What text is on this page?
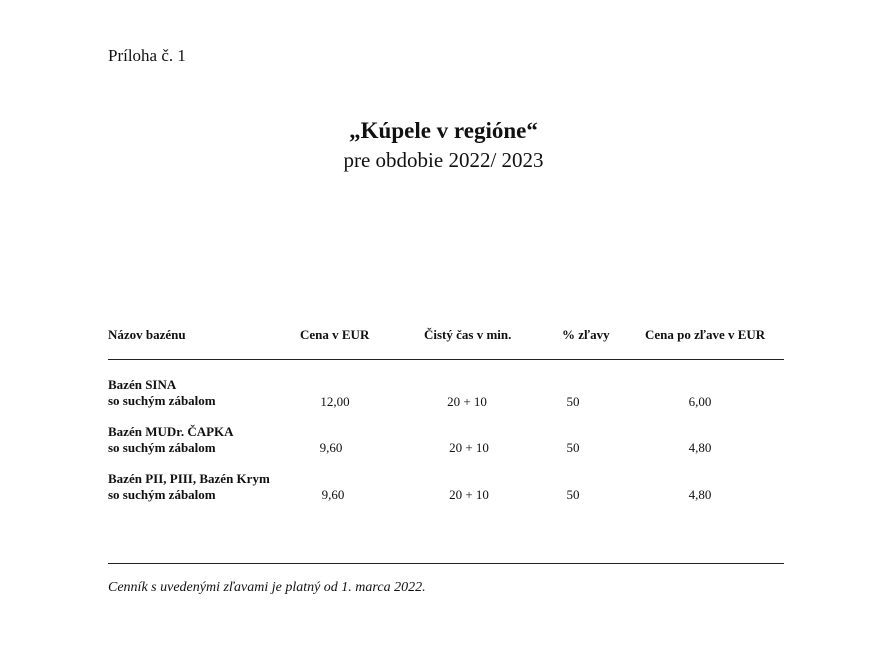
Príloha č. 1
„Kúpele v regióne“
pre obdobie 2022/ 2023
Názov bazénu	Cena v EUR	Čistý čas v min.	% zľavy	Cena po zľave v EUR
Bazén SINA
so suchým zábalom	12,00	20 + 10	50	6,00
Bazén MUDr. ČAPKA
so suchým zábalom	9,60	20 + 10	50	4,80
Bazén PII, PIII, Bazén Krym
so suchým zábalom	9,60	20 + 10	50	4,80
Cenník s uvedenými zľavami je platný od 1. marca 2022.
